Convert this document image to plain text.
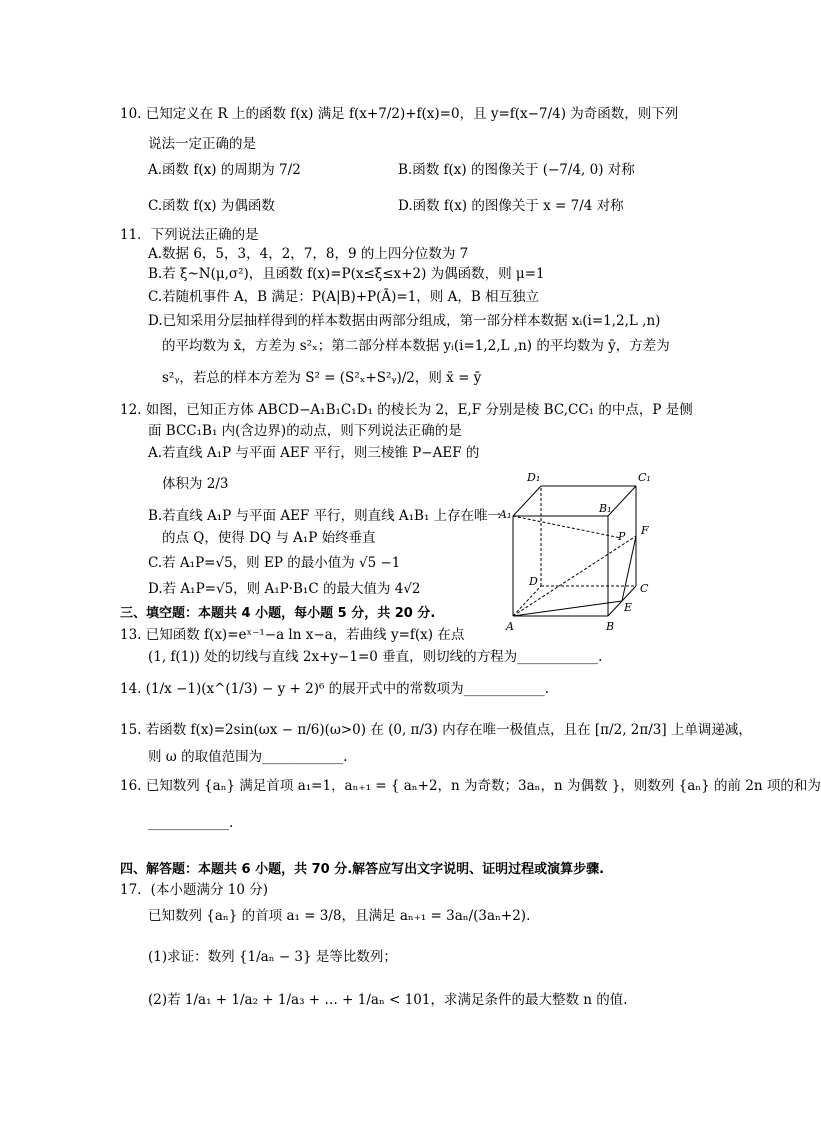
10. 已知定义在 R 上的函数 f(x) 满足 f(x+7/2)+f(x)=0，且 y=f(x−7/4) 为奇函数，则下列
说法一定正确的是
A.函数 f(x) 的周期为 7/2	B.函数 f(x) 的图像关于 (−7/4, 0) 对称
C.函数 f(x) 为偶函数	D.函数 f(x) 的图像关于 x = 7/4 对称
11．下列说法正确的是
A.数据 6，5，3，4，2，7，8，9 的上四分位数为 7
B.若 ξ~N(μ,σ²)，且函数 f(x)=P(x≤ξ≤x+2) 为偶函数，则 μ=1
C.若随机事件 A，B 满足：P(A|B)+P(Ā)=1，则 A，B 相互独立
D.已知采用分层抽样得到的样本数据由两部分组成，第一部分样本数据 xᵢ(i=1,2,L ,n)
的平均数为 x̄，方差为 s²ₓ；第二部分样本数据 yᵢ(i=1,2,L ,n) 的平均数为 ȳ，方差为
s²ᵧ，若总的样本方差为 S² = (S²ₓ+S²ᵧ)/2，则 x̄ = ȳ
12. 如图，已知正方体 ABCD−A₁B₁C₁D₁ 的棱长为 2，E,F 分别是棱 BC,CC₁ 的中点，P 是侧
面 BCC₁B₁ 内(含边界)的动点，则下列说法正确的是
A.若直线 A₁P 与平面 AEF 平行，则三棱锥 P−AEF 的
体积为 2/3
B.若直线 A₁P 与平面 AEF 平行，则直线 A₁B₁ 上存在唯一
的点 Q，使得 DQ 与 A₁P 始终垂直
C.若 A₁P=√5，则 EP 的最小值为 √5 −1
D.若 A₁P=√5，则 A₁P·B₁C 的最大值为 4√2
三、填空题：本题共 4 小题，每小题 5 分，共 20 分.
13. 已知函数 f(x)=eˣ⁻¹−a ln x−a，若曲线 y=f(x) 在点
(1, f(1)) 处的切线与直线 2x+y−1=0 垂直，则切线的方程为____________.
14. (1/x −1)(x^(1/3) − y + 2)⁶ 的展开式中的常数项为____________.
15. 若函数 f(x)=2sin(ωx − π/6)(ω>0) 在 (0, π/3) 内存在唯一极值点，且在 [π/2, 2π/3] 上单调递减，
则 ω 的取值范围为____________.
16. 已知数列 {aₙ} 满足首项 a₁=1，aₙ₊₁ = { aₙ+2，n 为奇数；3aₙ，n 为偶数 }，则数列 {aₙ} 的前 2n 项的和为
____________.
四、解答题：本题共 6 小题，共 70 分.解答应写出文字说明、证明过程或演算步骤.
17．(本小题满分 10 分)
已知数列 {aₙ} 的首项 a₁ = 3/8，且满足 aₙ₊₁ = 3aₙ/(3aₙ+2).
(1)求证：数列 {1/aₙ − 3} 是等比数列；
(2)若 1/a₁ + 1/a₂ + 1/a₃ + … + 1/aₙ < 101，求满足条件的最大整数 n 的值.
D₁	C₁
A₁	B₁
P F
D
C
E
A	B
